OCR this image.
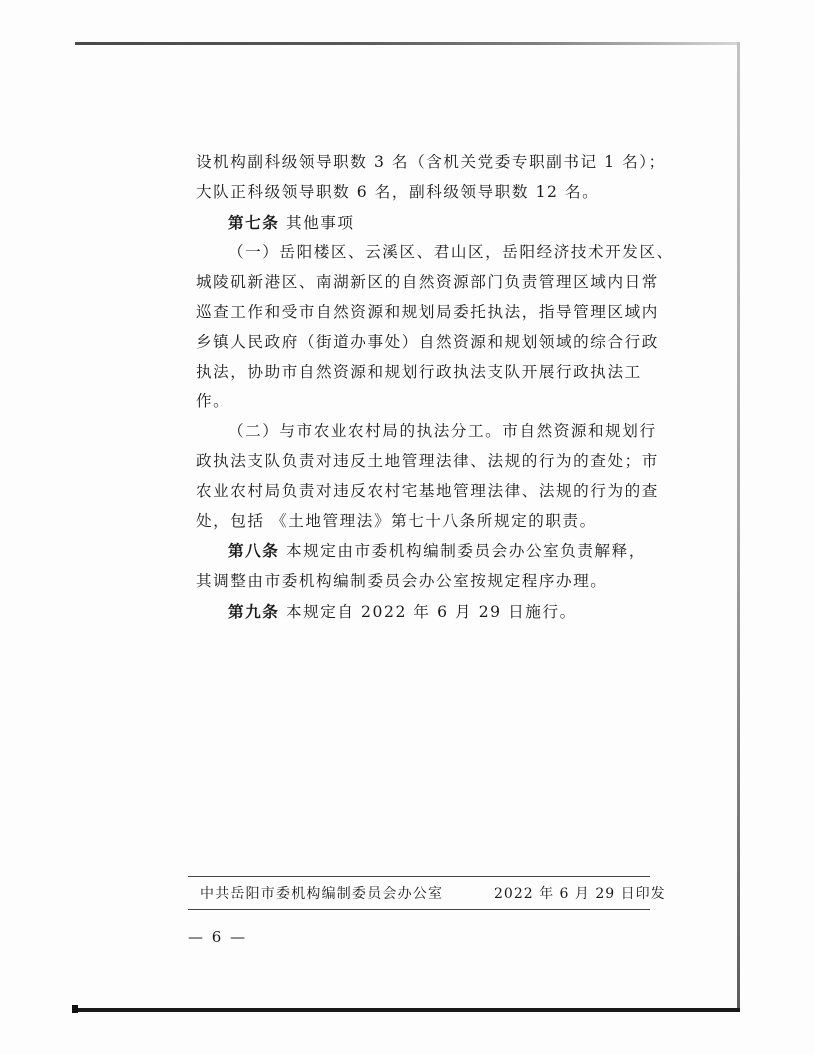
设机构副科级领导职数 3 名（含机关党委专职副书记 1 名）；
大队正科级领导职数 6 名，副科级领导职数 12 名。
第七条 其他事项
（一）岳阳楼区、云溪区、君山区，岳阳经济技术开发区、
城陵矶新港区、南湖新区的自然资源部门负责管理区域内日常
巡查工作和受市自然资源和规划局委托执法，指导管理区域内
乡镇人民政府（街道办事处）自然资源和规划领域的综合行政
执法，协助市自然资源和规划行政执法支队开展行政执法工
作。
（二）与市农业农村局的执法分工。市自然资源和规划行
政执法支队负责对违反土地管理法律、法规的行为的查处；市
农业农村局负责对违反农村宅基地管理法律、法规的行为的查
处，包括 《土地管理法》第七十八条所规定的职责。
第八条 本规定由市委机构编制委员会办公室负责解释，
其调整由市委机构编制委员会办公室按规定程序办理。
第九条 本规定自 2022 年 6 月 29 日施行。
中共岳阳市委机构编制委员会办公室	2022 年 6 月 29 日印发
— 6 —
